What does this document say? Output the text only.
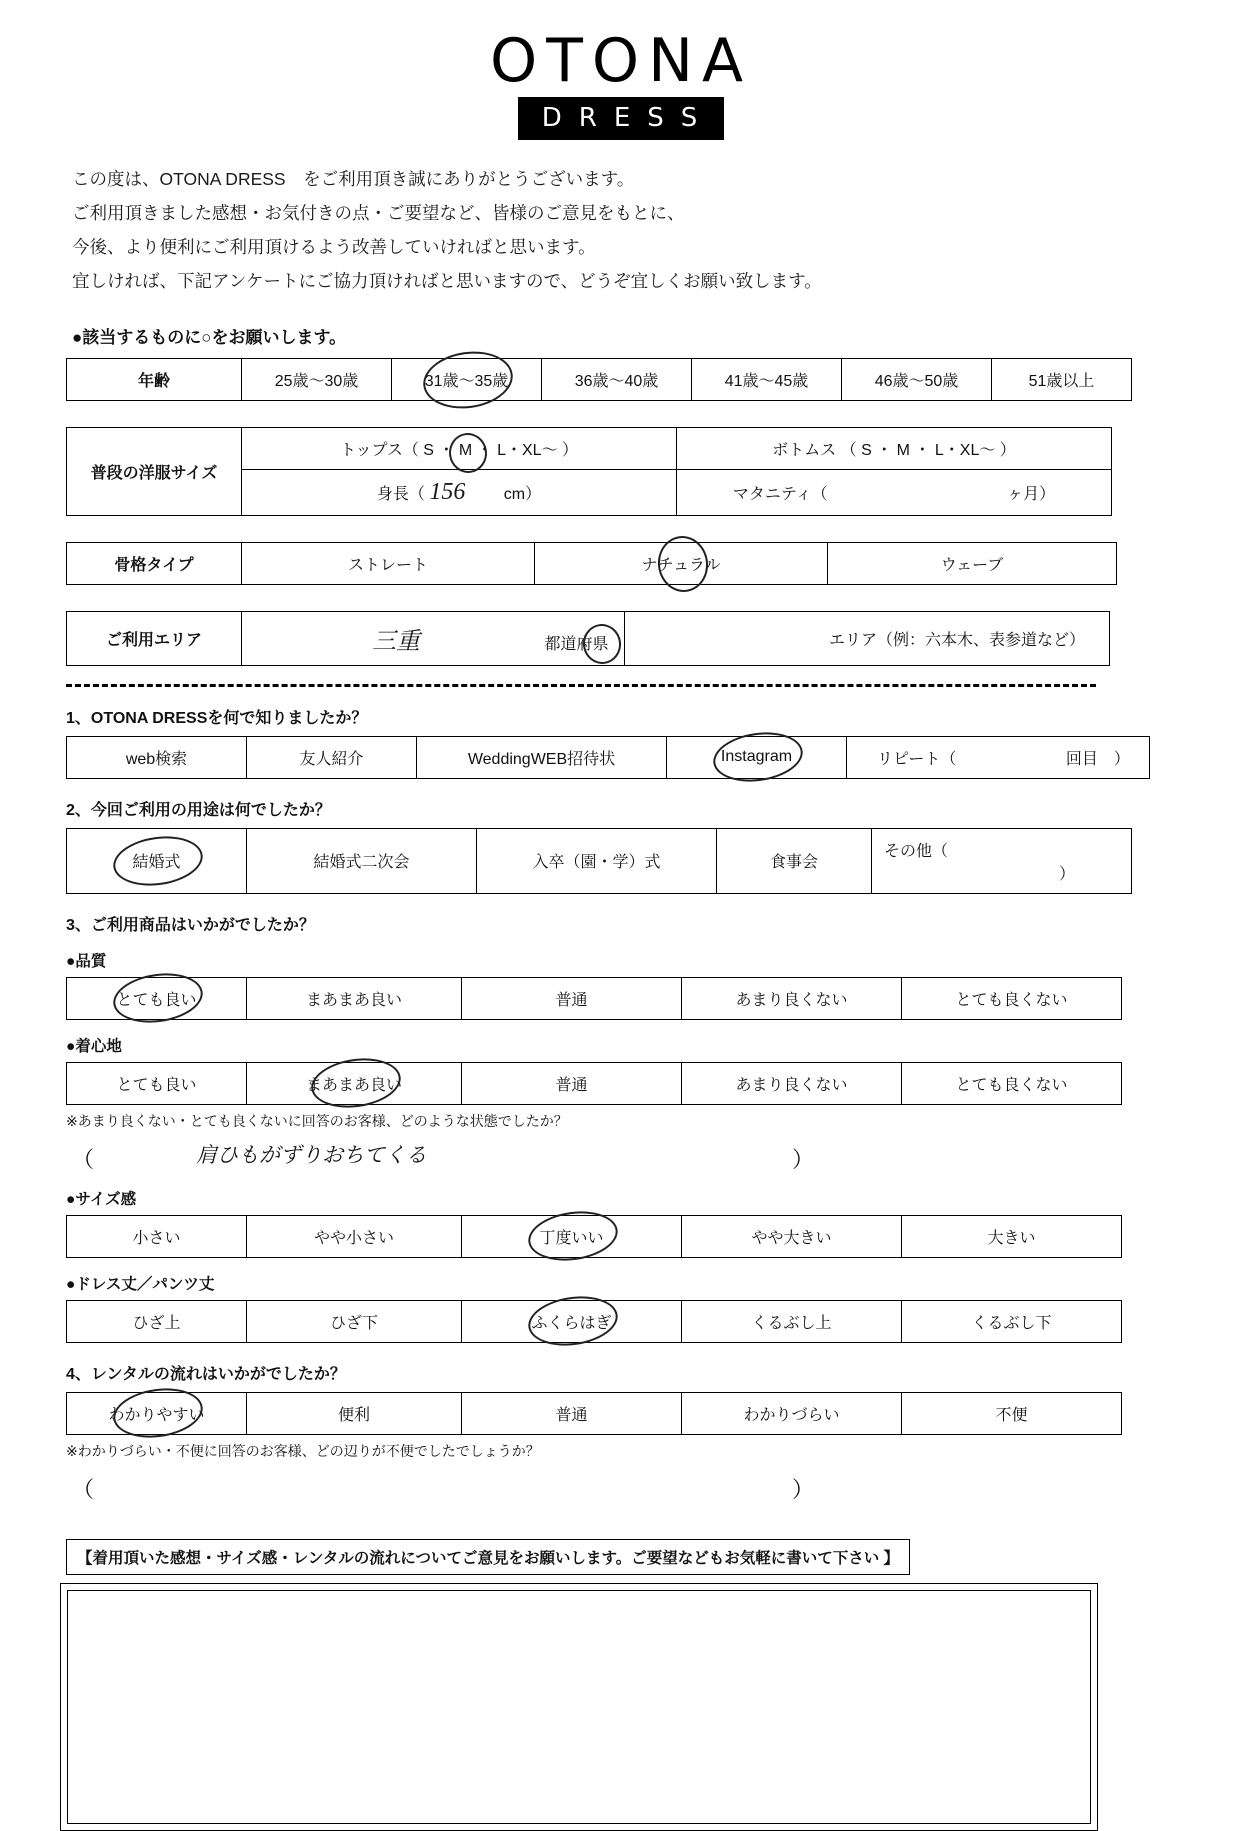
OTONA
DRESS
この度は、OTONA DRESS　をご利用頂き誠にありがとうございます。
ご利用頂きました感想・お気付きの点・ご要望など、皆様のご意見をもとに、
今後、より便利にご利用頂けるよう改善していければと思います。
宜しければ、下記アンケートにご協力頂ければと思いますので、どうぞ宜しくお願い致します。
●該当するものに○をお願いします。
年齢	25歳〜30歳	31歳〜35歳	36歳〜40歳	41歳〜45歳	46歳〜50歳	51歳以上
普段の洋服サイズ	トップス（ S ・ M ・ L・XL〜 ）	ボトムス （ S ・ M ・ L・XL〜 ）
	身長（ 156 cm）	マタニティ（ ヶ月）
骨格タイプ	ストレート	ナチュラル	ウェーブ
ご利用エリア	三重	都道府県	エリア（例：六本木、表参道など）
1、OTONA DRESSを何で知りましたか？
web検索	友人紹介	WeddingWEB招待状	Instagram	リピート（	回目　）
2、今回ご利用の用途は何でしたか？
結婚式	結婚式二次会	入卒（園・学）式	食事会	その他（ ）
3、ご利用商品はいかがでしたか？
●品質
とても良い	まあまあ良い	普通	あまり良くない	とても良くない
●着心地
とても良い	まあまあ良い	普通	あまり良くない	とても良くない
※あまり良くない・とても良くないに回答のお客様、どのような状態でしたか？
（	肩ひもがずりおちてくる	）
●サイズ感
小さい	やや小さい	丁度いい	やや大きい	大きい
●ドレス丈／パンツ丈
ひざ上	ひざ下	ふくらはぎ	くるぶし上	くるぶし下
4、レンタルの流れはいかがでしたか？
わかりやすい	便利	普通	わかりづらい	不便
※わかりづらい・不便に回答のお客様、どの辺りが不便でしたでしょうか？
（	）
【着用頂いた感想・サイズ感・レンタルの流れについてご意見をお願いします。ご要望などもお気軽に書いて下さい 】
